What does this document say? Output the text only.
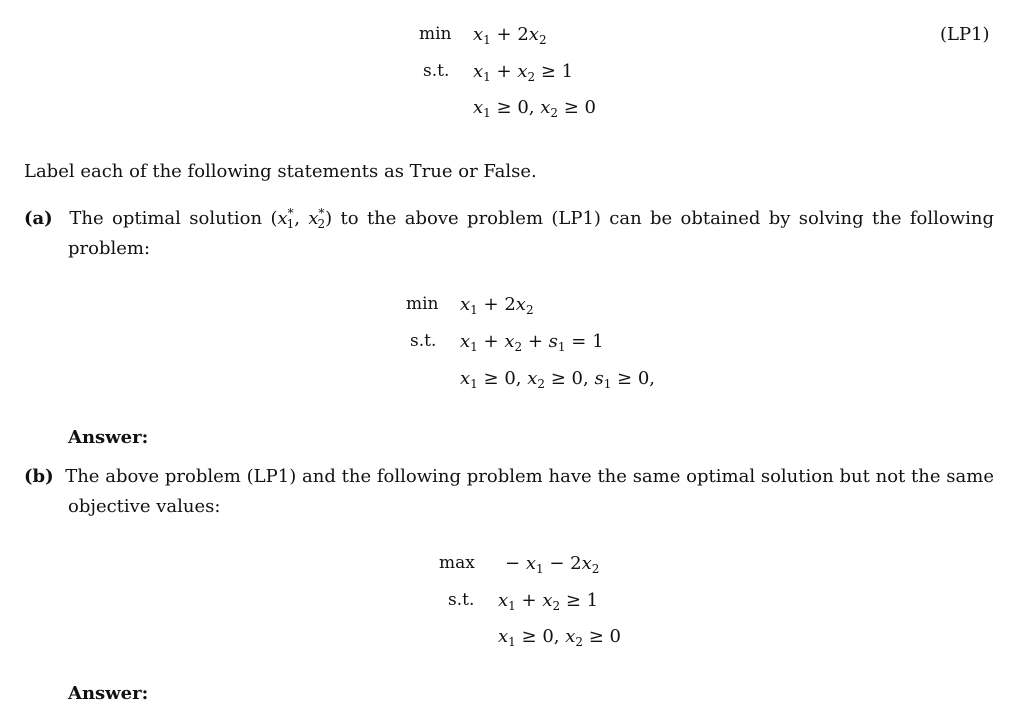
$\min x_1 + 2x_2$
s.t. $x_1 + x_2 \ge 1$
$x_1 \ge 0$, $x_2 \ge 0$
(LP1)
Label each of the following statements as True or False.
(a)  The optimal solution ($x^*_1$, $x^*_2$) to the above problem (LP1) can be obtained by solving the following problem:
$\min x_1 + 2x_2$
s.t. $x_1 + x_2 + s_1 = 1$
$x_1 \ge 0$, $x_2 \ge 0$, $s_1 \ge 0$,
Answer:
(b) The above problem (LP1) and the following problem have the same optimal solution but not the same objective values:
$\max - x_1 - 2x_2$
s.t. $x_1 + x_2 \ge 1$
$x_1 \ge 0$, $x_2 \ge 0$
Answer:
